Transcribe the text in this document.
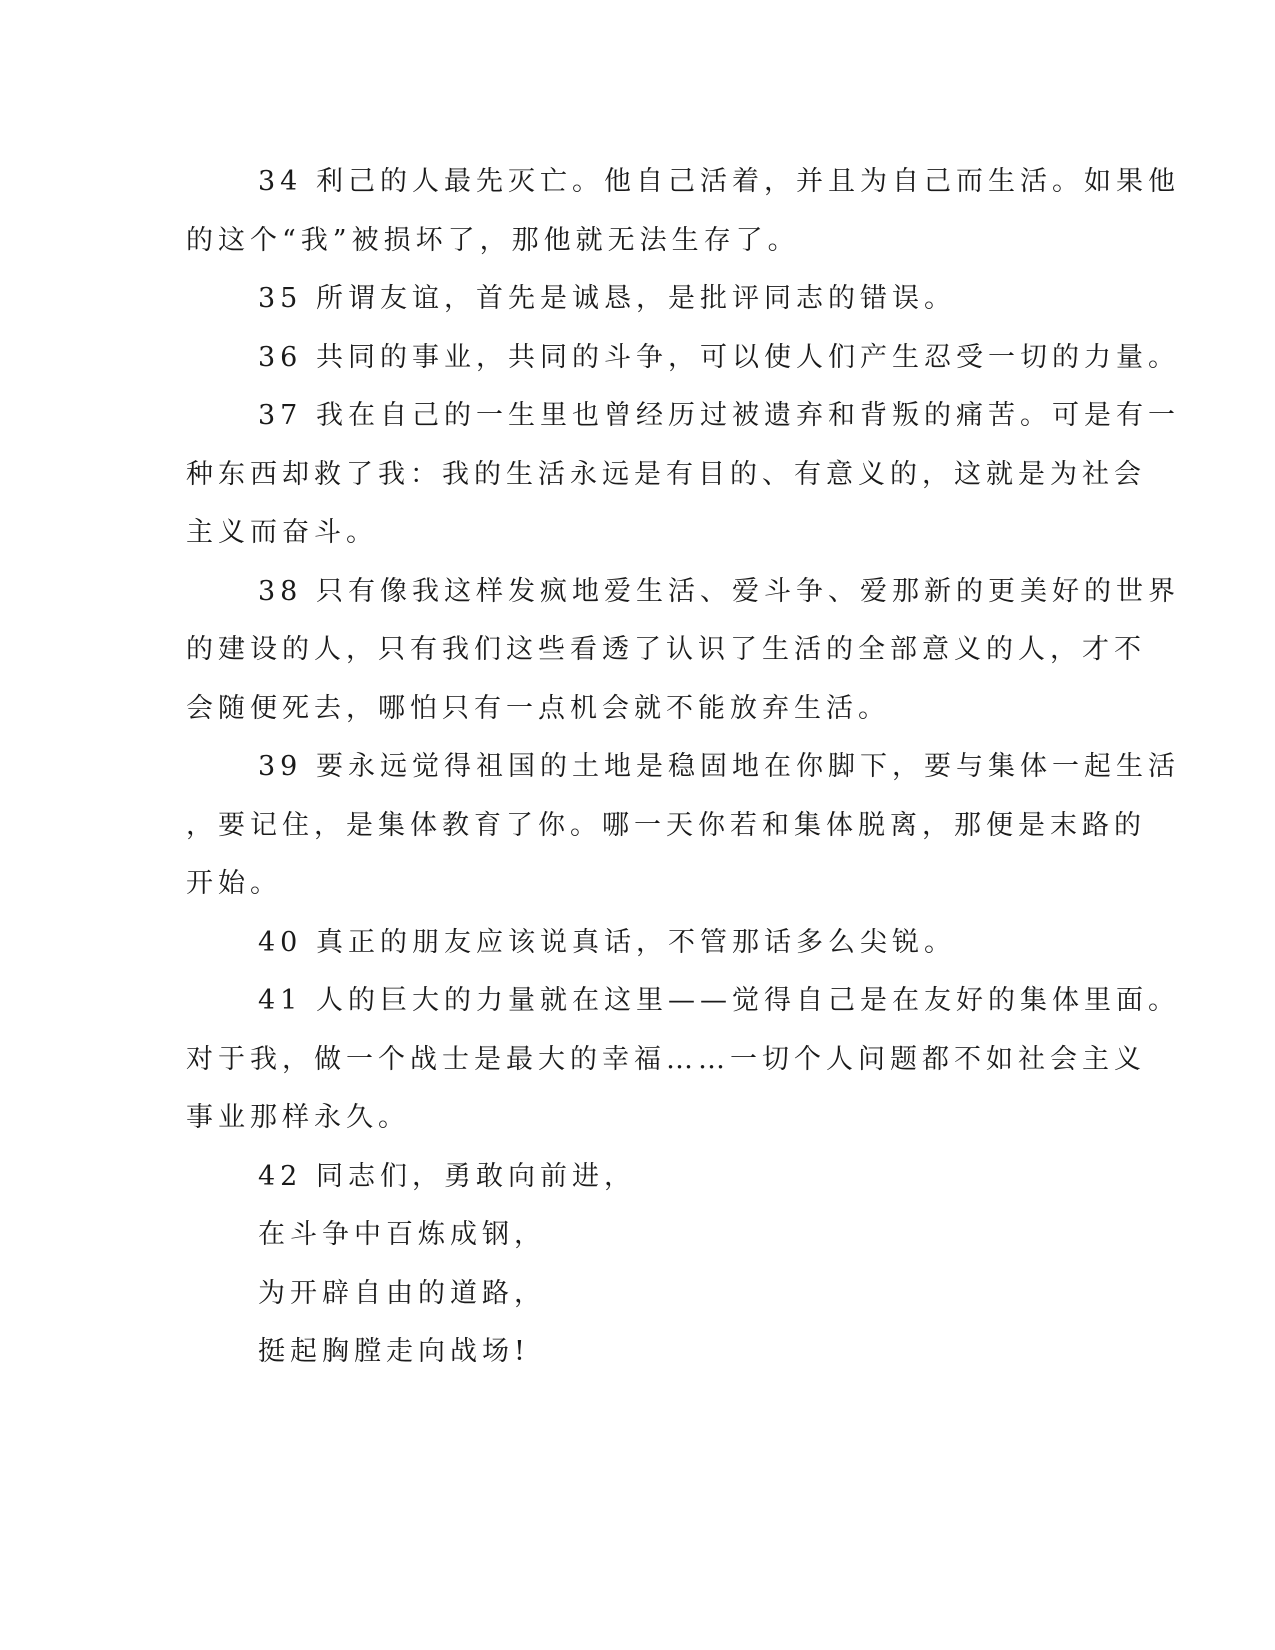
34 利己的人最先灭亡。他自己活着，并且为自己而生活。如果他
的这个“我”被损坏了，那他就无法生存了。
35 所谓友谊，首先是诚恳，是批评同志的错误。
36 共同的事业，共同的斗争，可以使人们产生忍受一切的力量。
37 我在自己的一生里也曾经历过被遗弃和背叛的痛苦。可是有一
种东西却救了我：我的生活永远是有目的、有意义的，这就是为社会
主义而奋斗。
38 只有像我这样发疯地爱生活、爱斗争、爱那新的更美好的世界
的建设的人，只有我们这些看透了认识了生活的全部意义的人，才不
会随便死去，哪怕只有一点机会就不能放弃生活。
39 要永远觉得祖国的土地是稳固地在你脚下，要与集体一起生活
，要记住，是集体教育了你。哪一天你若和集体脱离，那便是末路的
开始。
40 真正的朋友应该说真话，不管那话多么尖锐。
41 人的巨大的力量就在这里——觉得自己是在友好的集体里面。
对于我，做一个战士是最大的幸福……一切个人问题都不如社会主义
事业那样永久。
42 同志们，勇敢向前进，
在斗争中百炼成钢，
为开辟自由的道路，
挺起胸膛走向战场!
